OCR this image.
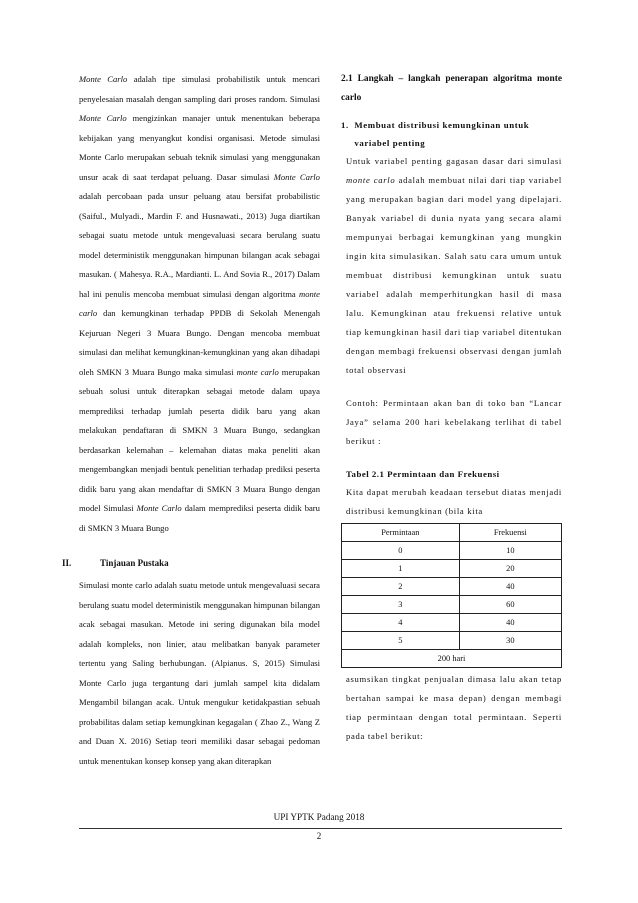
Monte Carlo adalah tipe simulasi probabilistik untuk mencari penyelesaian masalah dengan sampling dari proses random. Simulasi Monte Carlo mengizinkan manajer untuk menentukan beberapa kebijakan yang menyangkut kondisi organisasi. Metode simulasi Monte Carlo merupakan sebuah teknik simulasi yang menggunakan unsur acak di saat terdapat peluang. Dasar simulasi Monte Carlo adalah percobaan pada unsur peluang atau bersifat probabilistic (Saiful., Mulyadi., Mardin F. and Husnawati., 2013) Juga diartikan sebagai suatu metode untuk mengevaluasi secara berulang suatu model deterministik menggunakan himpunan bilangan acak sebagai masukan. ( Mahesya. R.A., Mardianti. L. And Sovia R., 2017) Dalam hal ini penulis mencoba membuat simulasi dengan algoritma monte carlo dan kemungkinan terhadap PPDB di Sekolah Menengah Kejuruan Negeri 3 Muara Bungo. Dengan mencoba membuat simulasi dan melihat kemungkinan-kemungkinan yang akan dihadapi oleh SMKN 3 Muara Bungo maka simulasi monte carlo merupakan sebuah solusi untuk diterapkan sebagai metode dalam upaya memprediksi terhadap jumlah peserta didik baru yang akan melakukan pendaftaran di SMKN 3 Muara Bungo, sedangkan berdasarkan kelemahan – kelemahan diatas maka peneliti akan mengembangkan menjadi bentuk penelitian terhadap prediksi peserta didik baru yang akan mendaftar di SMKN 3 Muara Bungo dengan model Simulasi Monte Carlo dalam memprediksi peserta didik baru di SMKN 3 Muara Bungo

II.	Tinjauan Pustaka

Simulasi monte carlo adalah suatu metode untuk mengevaluasi secara berulang suatu model deterministik menggunakan himpunan bilangan acak sebagai masukan. Metode ini sering digunakan bila model adalah kompleks, non linier, atau melibatkan banyak parameter tertentu yang Saling berhubungan. (Alpianus. S, 2015) Simulasi Monte Carlo juga tergantung dari jumlah sampel kita didalam Mengambil bilangan acak. Untuk mengukur ketidakpastian sebuah probabilitas dalam setiap kemungkinan kegagalan ( Zhao Z., Wang Z and Duan X. 2016) Setiap teori memiliki dasar sebagai pedoman untuk menentukan konsep konsep yang akan diterapkan

2.1 Langkah – langkah penerapan algoritma monte carlo

1. Membuat distribusi kemungkinan untuk variabel penting

Untuk variabel penting gagasan dasar dari simulasi monte carlo adalah membuat nilai dari tiap variabel yang merupakan bagian dari model yang dipelajari. Banyak variabel di dunia nyata yang secara alami mempunyai berbagai kemungkinan yang mungkin ingin kita simulasikan. Salah satu cara umum untuk membuat distribusi kemungkinan untuk suatu variabel adalah memperhitungkan hasil di masa lalu. Kemungkinan atau frekuensi relative untuk tiap kemungkinan hasil dari tiap variabel ditentukan dengan membagi frekuensi observasi dengan jumlah total observasi

Contoh: Permintaan akan ban di toko ban “Lancar Jaya” selama 200 hari kebelakang terlihat di tabel berikut :

Tabel 2.1 Permintaan dan Frekuensi

Kita dapat merubah keadaan tersebut diatas menjadi distribusi kemungkinan (bila kita

Permintaan	Frekuensi
0	10
1	20
2	40
3	60
4	40
5	30
200 hari	

asumsikan tingkat penjualan dimasa lalu akan tetap bertahan sampai ke masa depan) dengan membagi tiap permintaan dengan total permintaan. Seperti pada tabel berikut:

UPI YPTK Padang 2018
2
